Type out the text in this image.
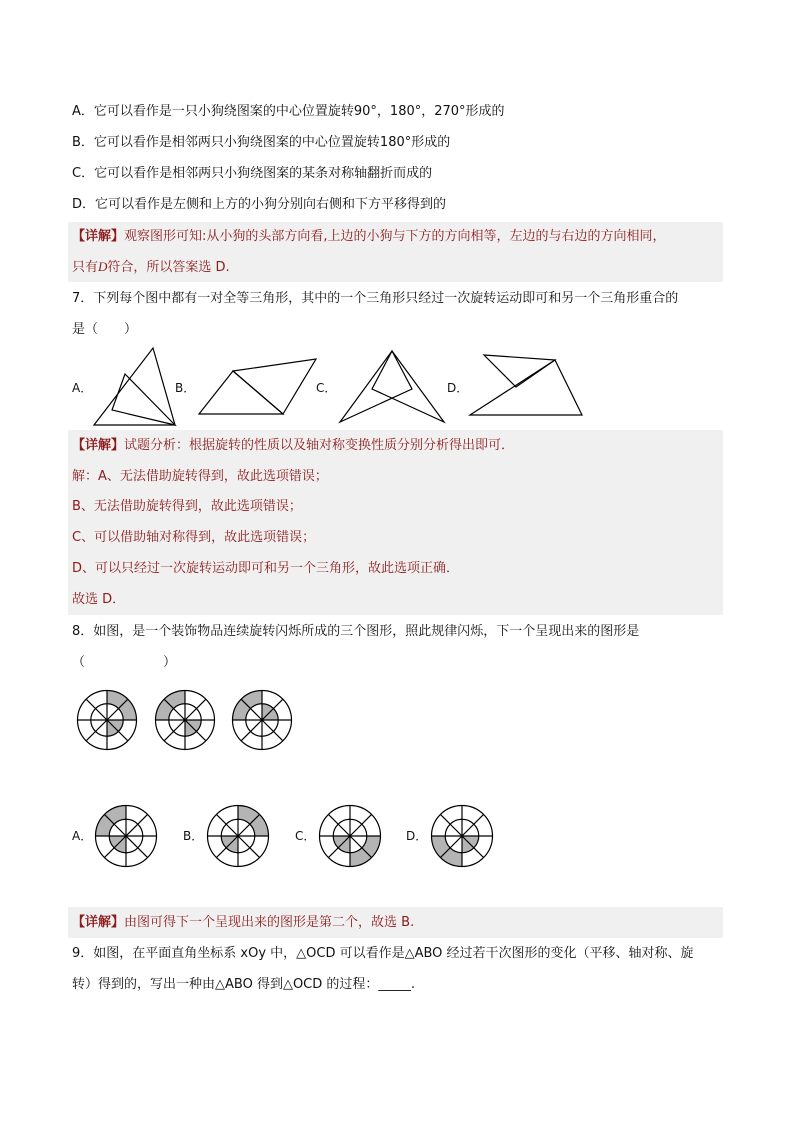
A．它可以看作是一只小狗绕图案的中心位置旋转90°，180°，270°形成的
B．它可以看作是相邻两只小狗绕图案的中心位置旋转180°形成的
C．它可以看作是相邻两只小狗绕图案的某条对称轴翻折而成的
D．它可以看作是左侧和上方的小狗分别向右侧和下方平移得到的
【详解】观察图形可知:从小狗的头部方向看,上边的小狗与下方的方向相等，左边的与右边的方向相同，
只有D符合，所以答案选 D.
7．下列每个图中都有一对全等三角形，其中的一个三角形只经过一次旋转运动即可和另一个三角形重合的
是（　　）
A．	B．	C．	D．
【详解】试题分析：根据旋转的性质以及轴对称变换性质分别分析得出即可．
解：A、无法借助旋转得到，故此选项错误；
B、无法借助旋转得到，故此选项错误；
C、可以借助轴对称得到，故此选项错误；
D、可以只经过一次旋转运动即可和另一个三角形，故此选项正确．
故选 D．
8．如图，是一个装饰物品连续旋转闪烁所成的三个图形，照此规律闪烁，下一个呈现出来的图形是
（　　　　　　）
A．	B．	C．	D．
【详解】由图可得下一个呈现出来的图形是第二个，故选 B.
9．如图，在平面直角坐标系 xOy 中，△OCD 可以看作是△ABO 经过若干次图形的变化（平移、轴对称、旋
转）得到的，写出一种由△ABO 得到△OCD 的过程：_____.
